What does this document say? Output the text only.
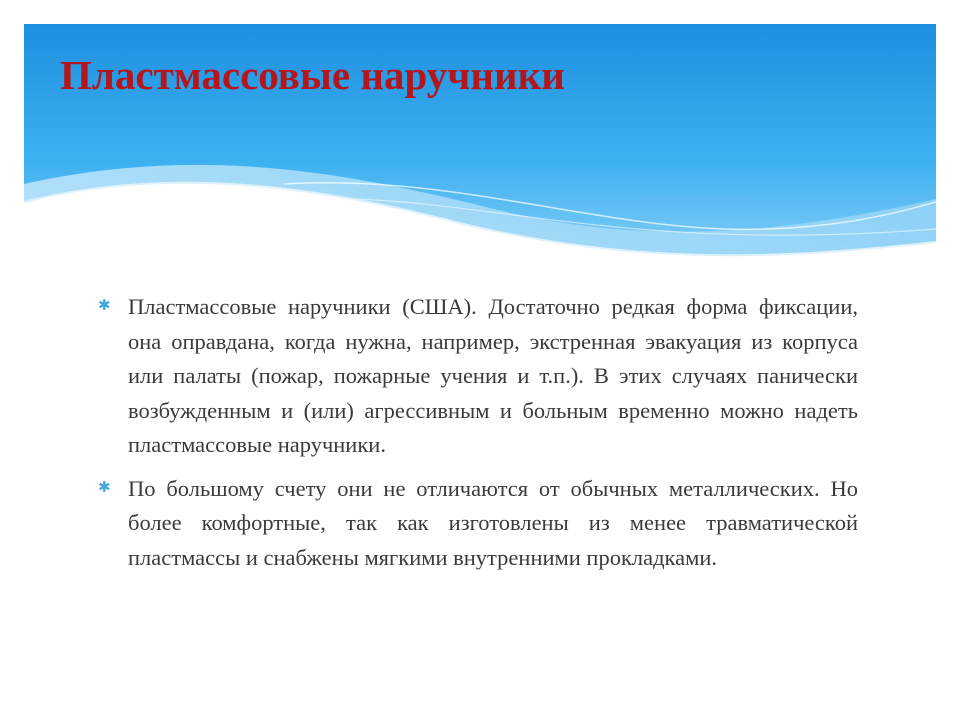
Пластмассовые наручники

✱ Пластмассовые наручники (США). Достаточно редкая форма фиксации, она оправдана, когда нужна, например, экстренная эвакуация из корпуса или палаты (пожар, пожарные учения и т.п.). В этих случаях панически возбужденным и (или) агрессивным и больным временно можно надеть пластмассовые наручники.

✱ По большому счету они не отличаются от обычных металлических. Но более комфортные, так как изготовлены из менее травматической пластмассы и снабжены мягкими внутренними прокладками.
